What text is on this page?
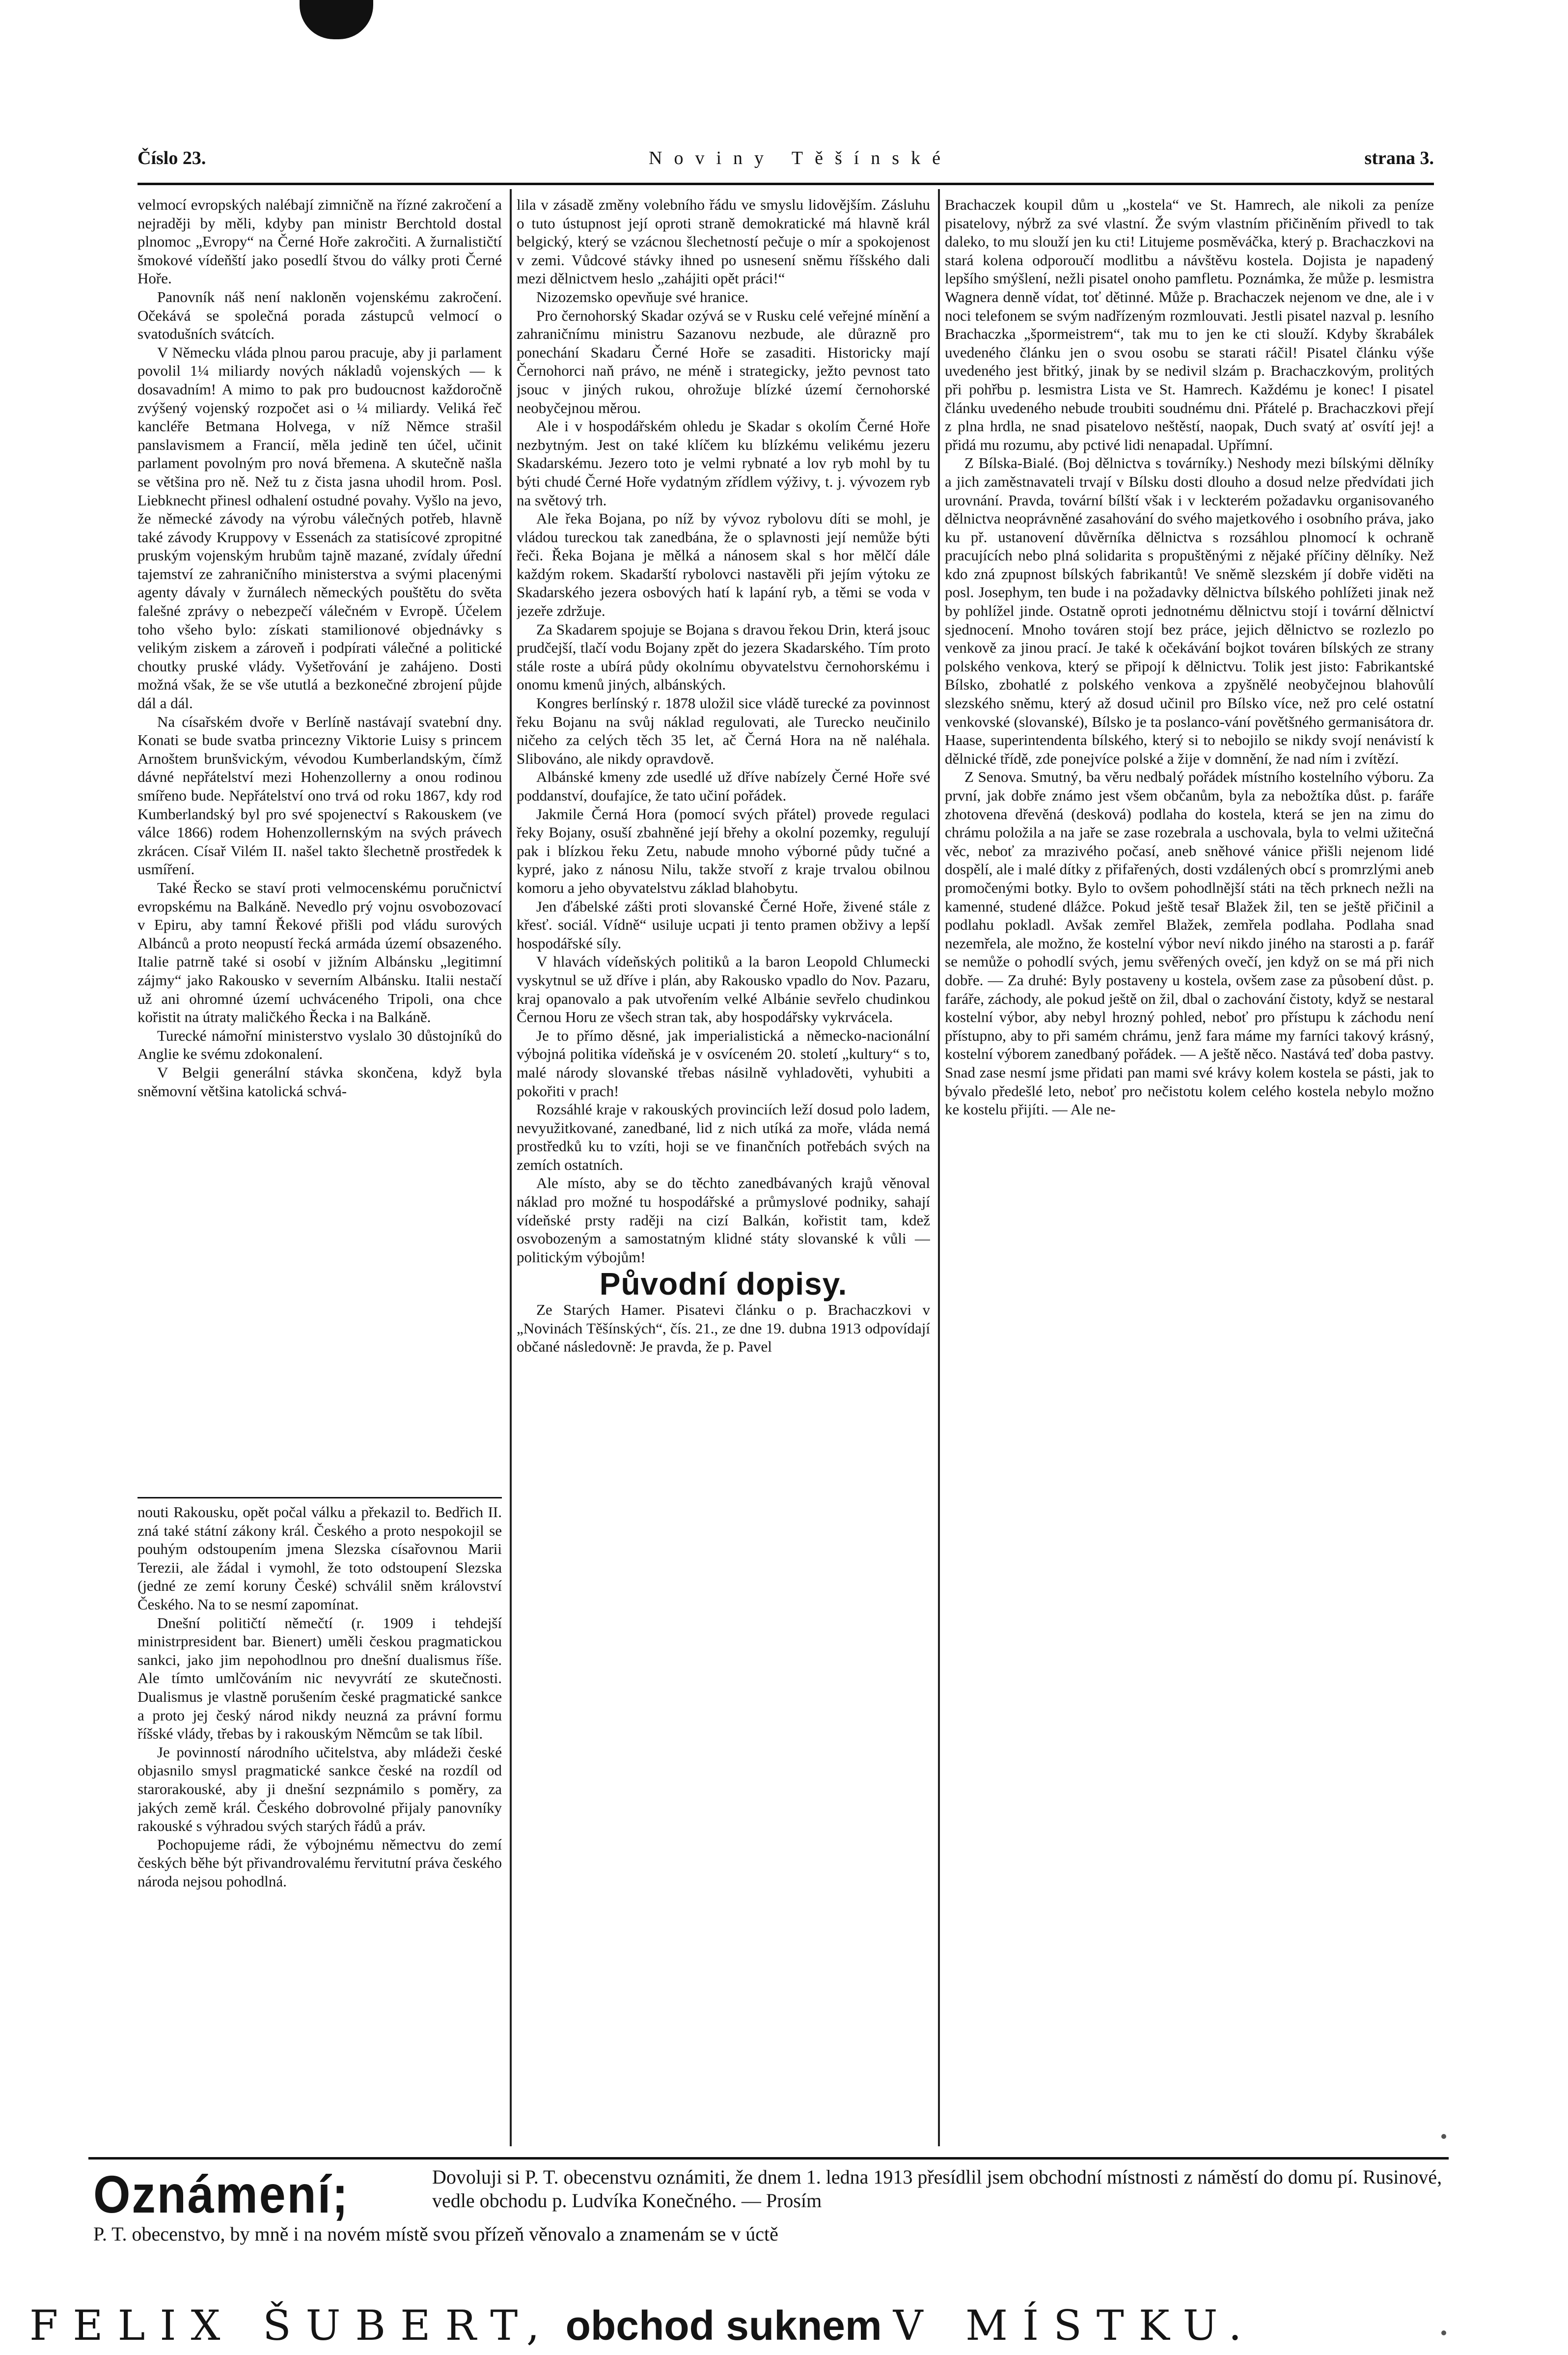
Číslo 23.	Noviny Těšínské	strana 3.

velmocí evropských nalébají zimničně na řízné zakročení a nejraději by měli, kdyby pan ministr Berchtold dostal plnomoc „Evropy“ na Černé Hoře zakročiti. A žurnalističtí šmokové vídeňští jako posedlí štvou do války proti Černé Hoře.

Panovník náš není nakloněn vojenskému zakročení. Očekává se společná porada zástupců velmocí o svatodušních svátcích.

V Německu vláda plnou parou pracuje, aby ji parlament povolil 1¼ miliardy nových nákladů vojenských — k dosavadním! A mimo to pak pro budoucnost každoročně zvýšený vojenský rozpočet asi o ¼ miliardy. Veliká řeč kancléře Betmana Holvega, v níž Němce strašil panslavismem a Francií, měla jedině ten účel, učinit parlament povolným pro nová břemena. A skutečně našla se většina pro ně. Než tu z čista jasna uhodil hrom. Posl. Liebknecht přinesl odhalení ostudné povahy. Vyšlo na jevo, že německé závody na výrobu válečných potřeb, hlavně také závody Kruppovy v Essenách za statisícové zpropitné pruským vojenským hrubům tajně mazané, zvídaly úřední tajemství ze zahraničního ministerstva a svými placenými agenty dávaly v žurnálech německých pouštětu do světa falešné zprávy o nebezpečí válečném v Evropě. Účelem toho všeho bylo: získati stamilionové objednávky s velikým ziskem a zároveň i podpírati válečné a politické choutky pruské vlády. Vyšetřování je zahájeno. Dosti možná však, že se vše ututlá a bezkonečné zbrojení půjde dál a dál.

Na císařském dvoře v Berlíně nastávají svatební dny. Konati se bude svatba princezny Viktorie Luisy s princem Arnoštem brunšvickým, vévodou Kumberlandským, čímž dávné nepřátelství mezi Hohenzollerny a onou rodinou smířeno bude. Nepřátelství ono trvá od roku 1867, kdy rod Kumberlandský byl pro své spojenectví s Rakouskem (ve válce 1866) rodem Hohenzollernským na svých právech zkrácen. Císař Vilém II. našel takto šlechetně prostředek k usmíření.

Také Řecko se staví proti velmocenskému poručnictví evropskému na Balkáně. Nevedlo prý vojnu osvobozovací v Epiru, aby tamní Řekové přišli pod vládu surových Albánců a proto neopustí řecká armáda území obsazeného. Italie patrně také si osobí v jižním Albánsku „legitimní zájmy“ jako Rakousko v severním Albánsku. Italii nestačí už ani ohromné území uchváceného Tripoli, ona chce kořistit na útraty maličkého Řecka i na Balkáně.

Turecké námořní ministerstvo vyslalo 30 důstojníků do Anglie ke svému zdokonalení.

V Belgii generální stávka skončena, když byla sněmovní většina katolická schvá-

nouti Rakousku, opět počal válku a překazil to. Bedřich II. zná také státní zákony král. Českého a proto nespokojil se pouhým odstoupením jmena Slezska císařovnou Marii Terezii, ale žádal i vymohl, že toto odstoupení Slezska (jedné ze zemí koruny České) schválil sněm království Českého. Na to se nesmí zapomínat.

Dnešní političtí němečtí (r. 1909 i tehdejší ministrpresident bar. Bienert) uměli českou pragmatickou sankci, jako jim nepohodlnou pro dnešní dualismus říše. Ale tímto umlčováním nic nevyvrátí ze skutečnosti. Dualismus je vlastně porušením české pragmatické sankce a proto jej český národ nikdy neuzná za právní formu říšské vlády, třebas by i rakouským Němcům se tak líbil.

Je povinností národního učitelstva, aby mládeži české objasnilo smysl pragmatické sankce české na rozdíl od starorakouské, aby ji dnešní sezpnámilo s poměry, za jakých země král. Českého dobrovolné přijaly panovníky rakouské s výhradou svých starých řádů a práv.

Pochopujeme rádi, že výbojnému němectvu do zemí českých běhe být přivandrovalému řervitutní práva českého národa nejsou pohodlná.

lila v zásadě změny volebního řádu ve smyslu lidovějším. Zásluhu o tuto ústupnost její oproti straně demokratické má hlavně král belgický, který se vzácnou šlechetností pečuje o mír a spokojenost v zemi. Vůdcové stávky ihned po usnesení sněmu říšského dali mezi dělnictvem heslo „zahájiti opět práci!“

Nizozemsko opevňuje své hranice.

Pro černohorský Skadar ozývá se v Rusku celé veřejné mínění a zahraničnímu ministru Sazanovu nezbude, ale důrazně pro ponechání Skadaru Černé Hoře se zasaditi. Historicky mají Černohorci naň právo, ne méně i strategicky, ježto pevnost tato jsouc v jiných rukou, ohrožuje blízké území černohorské neobyčejnou měrou.

Ale i v hospodářském ohledu je Skadar s okolím Černé Hoře nezbytným. Jest on také klíčem ku blízkému velikému jezeru Skadarskému. Jezero toto je velmi rybnaté a lov ryb mohl by tu býti chudé Černé Hoře vydatným zřídlem výživy, t. j. vývozem ryb na světový trh.

Ale řeka Bojana, po níž by vývoz rybolovu díti se mohl, je vládou tureckou tak zanedbána, že o splavnosti její nemůže býti řeči. Řeka Bojana je mělká a nánosem skal s hor mělčí dále každým rokem. Skadarští rybolovci nastavěli při jejím výtoku ze Skadarského jezera osbových hatí k lapání ryb, a těmi se voda v jezeře zdržuje.

Za Skadarem spojuje se Bojana s dravou řekou Drin, která jsouc prudčejší, tlačí vodu Bojany zpět do jezera Skadarského. Tím proto stále roste a ubírá půdy okolnímu obyvatelstvu černohorskému i onomu kmenů jiných, albánských.

Kongres berlínský r. 1878 uložil sice vládě turecké za povinnost řeku Bojanu na svůj náklad regulovati, ale Turecko neučinilo ničeho za celých těch 35 let, ač Černá Hora na ně naléhala. Slibováno, ale nikdy opravdově.

Albánské kmeny zde usedlé už dříve nabízely Černé Hoře své poddanství, doufajíce, že tato učiní pořádek.

Jakmile Černá Hora (pomocí svých přátel) provede regulaci řeky Bojany, osuší zbahněné její břehy a okolní pozemky, regulují pak i blízkou řeku Zetu, nabude mnoho výborné půdy tučné a kypré, jako z nánosu Nilu, takže stvoří z kraje trvalou obilnou komoru a jeho obyvatelstvu základ blahobytu.

Jen ďábelské zášti proti slovanské Černé Hoře, živené stále z křesť. sociál. Vídně“ usiluje ucpati ji tento pramen obživy a lepší hospodářské síly.

V hlavách vídeňských politiků a la baron Leopold Chlumecki vyskytnul se už dříve i plán, aby Rakousko vpadlo do Nov. Pazaru, kraj opanovalo a pak utvořením velké Albánie sevřelo chudinkou Černou Horu ze všech stran tak, aby hospodářsky vykrvácela.

Je to přímo děsné, jak imperialistická a německo-nacionální výbojná politika vídeňská je v osvíceném 20. století „kultury“ s to, malé národy slovanské třebas násilně vyhladověti, vyhubiti a pokořiti v prach!

Rozsáhlé kraje v rakouských provinciích leží dosud polo ladem, nevyužitkované, zanedbané, lid z nich utíká za moře, vláda nemá prostředků ku to vzíti, hoji se ve finančních potřebách svých na zemích ostatních.

Ale místo, aby se do těchto zanedbávaných krajů věnoval náklad pro možné tu hospodářské a průmyslové podniky, sahají vídeňské prsty raději na cizí Balkán, kořistit tam, kdež osvobozeným a samostatným klidné státy slovanské k vůli — politickým výbojům!

Původní dopisy.

Ze Starých Hamer. Pisatevi článku o p. Brachaczkovi v „Novinách Těšínských“, čís. 21., ze dne 19. dubna 1913 odpovídají občané následovně: Je pravda, že p. Pavel

Brachaczek koupil dům u „kostela“ ve St. Hamrech, ale nikoli za peníze pisatelovy, nýbrž za své vlastní. Že svým vlastním přičiněním přivedl to tak daleko, to mu slouží jen ku cti! Litujeme posměváčka, který p. Brachaczkovi na stará kolena odporoučí modlitbu a návštěvu kostela. Dojista je napadený lepšího smýšlení, nežli pisatel onoho pamfletu. Poznámka, že může p. lesmistra Wagnera denně vídat, toť dětinné. Může p. Brachaczek nejenom ve dne, ale i v noci telefonem se svým nadřízeným rozmlouvati. Jestli pisatel nazval p. lesního Brachaczka „špormeistrem“, tak mu to jen ke cti slouží. Kdyby škrabálek uvedeného článku jen o svou osobu se starati ráčil! Pisatel článku výše uvedeného jest břitký, jinak by se nedivil slzám p. Brachaczkovým, prolitých při pohřbu p. lesmistra Lista ve St. Hamrech. Každému je konec! I pisatel článku uvedeného nebude troubiti soudnému dni. Přátelé p. Brachaczkovi přejí z plna hrdla, ne snad pisatelovo neštěstí, naopak, Duch svatý ať osvítí jej! a přidá mu rozumu, aby pctivé lidi nenapadal. Upřímní.

Z Bílska-Bialé. (Boj dělnictva s továrníky.) Neshody mezi bílskými dělníky a jich zaměstnavateli trvají v Bílsku dosti dlouho a dosud nelze předvídati jich urovnání. Pravda, tovární bílští však i v leckterém požadavku organisovaného dělnictva neoprávněné zasahování do svého majetkového i osobního práva, jako ku př. ustanovení důvěrníka dělnictva s rozsáhlou plnomocí k ochraně pracujících nebo plná solidarita s propuštěnými z nějaké příčiny dělníky. Než kdo zná zpupnost bílských fabrikantů! Ve sněmě slezském jí dobře viděti na posl. Josephym, ten bude i na požadavky dělnictva bílského pohlížeti jinak než by pohlížel jinde. Ostatně oproti jednotnému dělnictvu stojí i tovární dělnictví sjednocení. Mnoho továren stojí bez práce, jejich dělnictvo se rozlezlo po venkově za jinou prací. Je také k očekávání bojkot továren bílských ze strany polského venkova, který se připojí k dělnictvu. Tolik jest jisto: Fabrikantské Bílsko, zbohatlé z polského venkova a zpyšnělé neobyčejnou blahovůlí slezského sněmu, který až dosud učinil pro Bílsko více, než pro celé ostatní venkovské (slovanské), Bílsko je ta poslanco-vání povětšného germanisátora dr. Haase, superintendenta bílského, který si to nebojilo se nikdy svojí nenávistí k dělnické třídě, zde ponejvíce polské a žije v domnění, že nad ním i zvítězí.

Z Senova. Smutný, ba věru nedbalý pořádek místního kostelního výboru. Za první, jak dobře známo jest všem občanům, byla za nebožtíka důst. p. faráře zhotovena dřevěná (desková) podlaha do kostela, která se jen na zimu do chrámu položila a na jaře se zase rozebrala a uschovala, byla to velmi užitečná věc, neboť za mrazivého počasí, aneb sněhové vánice přišli nejenom lidé dospělí, ale i malé dítky z přifařených, dosti vzdálených obcí s promrzlými aneb promočenými botky. Bylo to ovšem pohodlnější státi na těch prknech nežli na kamenné, studené dlážce. Pokud ještě tesař Blažek žil, ten se ještě přičinil a podlahu pokladl. Avšak zemřel Blažek, zemřela podlaha. Podlaha snad nezemřela, ale možno, že kostelní výbor neví nikdo jiného na starosti a p. farář se nemůže o pohodlí svých, jemu svěřených ovečí, jen když on se má při nich dobře. — Za druhé: Byly postaveny u kostela, ovšem zase za působení důst. p. faráře, záchody, ale pokud ještě on žil, dbal o zachování čistoty, když se nestaral kostelní výbor, aby nebyl hrozný pohled, neboť pro přístupu k záchodu není přístupno, aby to při samém chrámu, jenž fara máme my farníci takový krásný, kostelní výborem zanedbaný pořádek. — A ještě něco. Nastává teď doba pastvy. Snad zase nesmí jsme přidati pan mami své krávy kolem kostela se pásti, jak to bývalo předešlé leto, neboť pro nečistotu kolem celého kostela nebylo možno ke kostelu přijíti. — Ale ne-

Oznámení;	Dovoluji si P. T. obecenstvu oznámiti, že dnem 1. ledna 1913 přesídlil jsem obchodní místnosti z náměstí do domu pí. Rusinové, vedle obchodu p. Ludvíka Konečného. — Prosím
P. T. obecenstvo, by mně i na novém místě svou přízeň věnovalo a znamenám se v úctě
FELIX ŠUBERT, obchod suknem V MÍSTKU.
